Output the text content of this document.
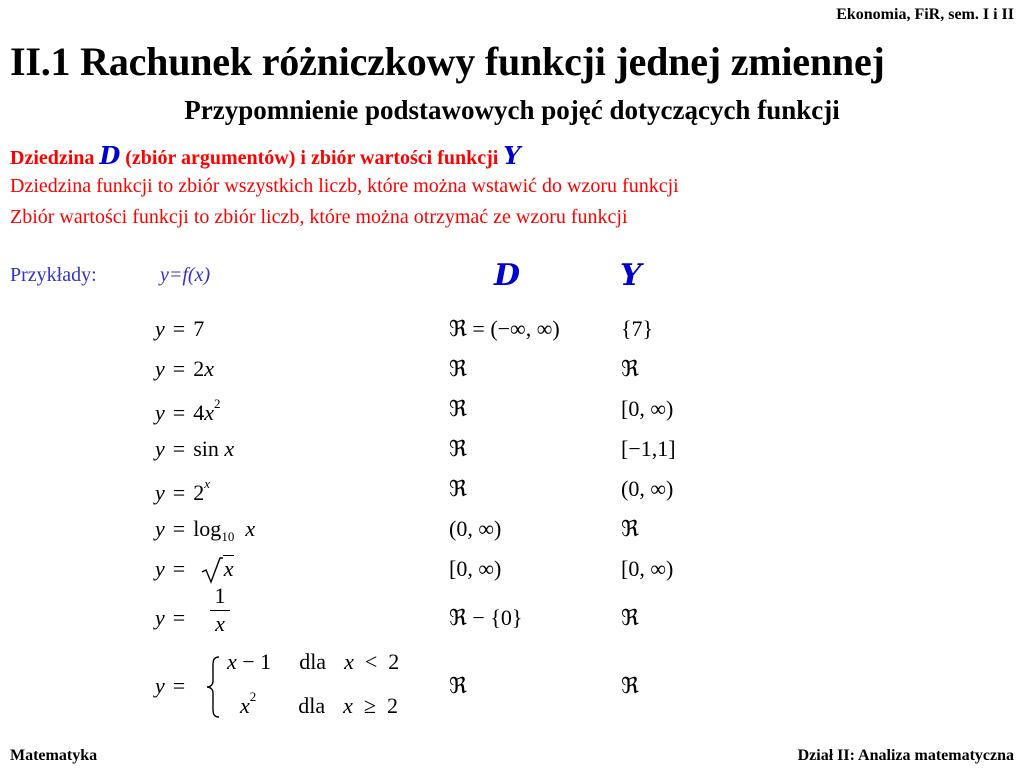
Ekonomia, FiR, sem. I i II
II.1 Rachunek różniczkowy funkcji jednej zmiennej
Przypomnienie podstawowych pojęć dotyczących funkcji
Dziedzina D (zbiór argumentów) i zbiór wartości funkcji Y
Dziedzina funkcji to zbiór wszystkich liczb, które można wstawić do wzoru funkcji
Zbiór wartości funkcji to zbiór liczb, które można otrzymać ze wzoru funkcji
Przykłady:	y=f(x)	D	Y
y = 7	ℜ = (−∞, ∞)	{7}
y = 2x	ℜ	ℜ
$y = 4x^2$	ℜ	[0, ∞)
y = sin x	ℜ	[−1,1]
$y = 2^x$	ℜ	(0, ∞)
$y = \log_{10} x$	(0, ∞)	ℜ
y = x	[0, ∞)	[0, ∞)
y =
1
x	ℜ − {0}	ℜ
y =
x − 1 dla x  <  2
$x^2$ dla x  ≥  2
ℜ	ℜ
Matematyka	Dział II: Analiza matematyczna
